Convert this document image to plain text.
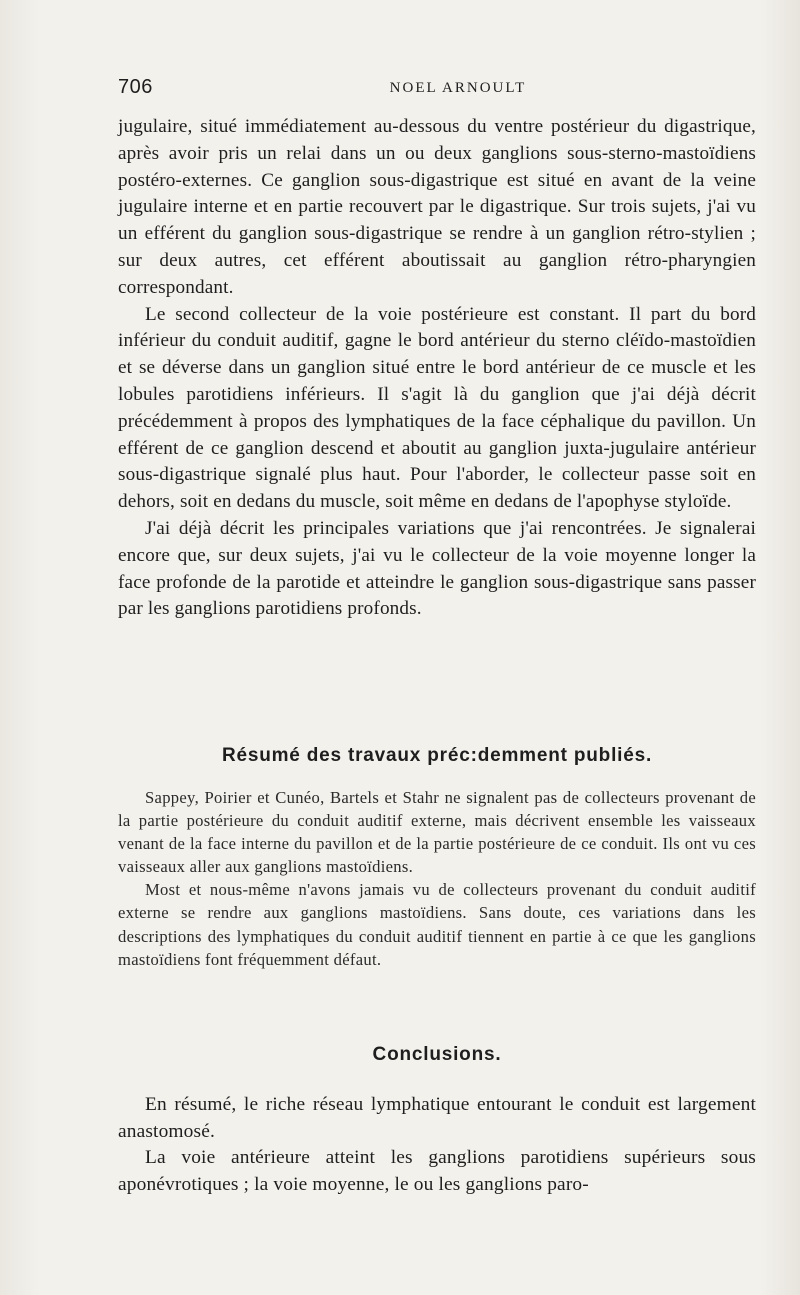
706	NOEL ARNOULT

jugulaire, situé immédiatement au-dessous du ventre postérieur du digastrique, après avoir pris un relai dans un ou deux ganglions sous-sterno-mastoïdiens postéro-externes. Ce ganglion sous-digastrique est situé en avant de la veine jugulaire interne et en partie recouvert par le digastrique. Sur trois sujets, j'ai vu un efférent du ganglion sous-digastrique se rendre à un ganglion rétro-stylien ; sur deux autres, cet efférent aboutissait au ganglion rétro-pharyngien correspondant.

Le second collecteur de la voie postérieure est constant. Il part du bord inférieur du conduit auditif, gagne le bord antérieur du sterno cléïdo-mastoïdien et se déverse dans un ganglion situé entre le bord antérieur de ce muscle et les lobules parotidiens inférieurs. Il s'agit là du ganglion que j'ai déjà décrit précédemment à propos des lymphatiques de la face céphalique du pavillon. Un efférent de ce ganglion descend et aboutit au ganglion juxta-jugulaire antérieur sous-digastrique signalé plus haut. Pour l'aborder, le collecteur passe soit en dehors, soit en dedans du muscle, soit même en dedans de l'apophyse styloïde.

J'ai déjà décrit les principales variations que j'ai rencontrées. Je signalerai encore que, sur deux sujets, j'ai vu le collecteur de la voie moyenne longer la face profonde de la parotide et atteindre le ganglion sous-digastrique sans passer par les ganglions parotidiens profonds.

Résumé des travaux préc:demment publiés.

Sappey, Poirier et Cunéo, Bartels et Stahr ne signalent pas de collecteurs provenant de la partie postérieure du conduit auditif externe, mais décrivent ensemble les vaisseaux venant de la face interne du pavillon et de la partie postérieure de ce conduit. Ils ont vu ces vaisseaux aller aux ganglions mastoïdiens.

Most et nous-même n'avons jamais vu de collecteurs provenant du conduit auditif externe se rendre aux ganglions mastoïdiens. Sans doute, ces variations dans les descriptions des lymphatiques du conduit auditif tiennent en partie à ce que les ganglions mastoïdiens font fréquemment défaut.

Conclusions.

En résumé, le riche réseau lymphatique entourant le conduit est largement anastomosé.

La voie antérieure atteint les ganglions parotidiens supérieurs sous aponévrotiques ; la voie moyenne, le ou les ganglions paro-
